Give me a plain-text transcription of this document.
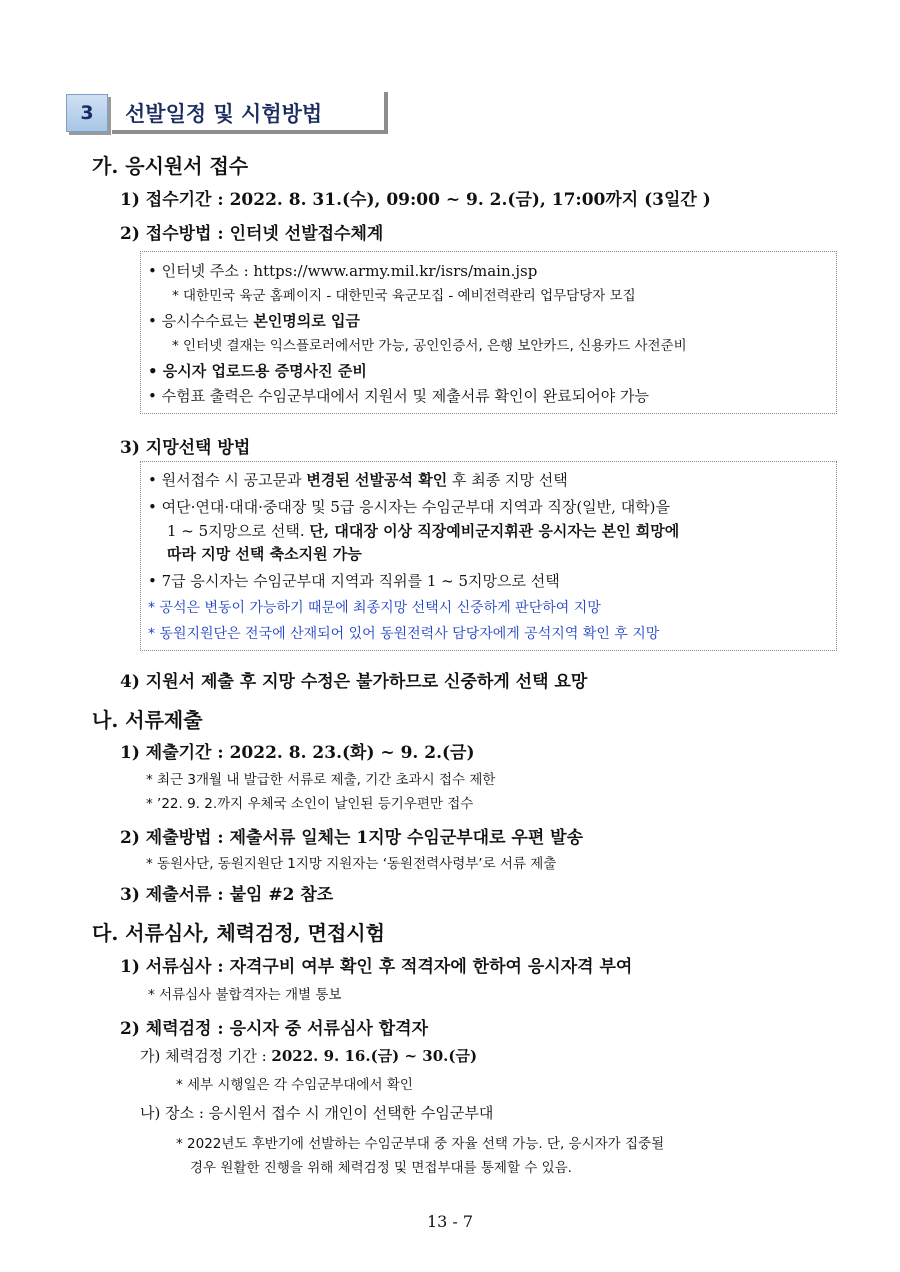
3	선발일정 및 시험방법
가. 응시원서 접수
1) 접수기간 : 2022. 8. 31.(수), 09:00 ~ 9. 2.(금), 17:00까지 (3일간 )
2) 접수방법 : 인터넷 선발접수체계
• 인터넷 주소 : https://www.army.mil.kr/isrs/main.jsp
* 대한민국 육군 홈페이지 - 대한민국 육군모집 - 예비전력관리 업무담당자 모집
• 응시수수료는 본인명의로 입금
* 인터넷 결재는 익스플로러에서만 가능, 공인인증서, 은행 보안카드, 신용카드 사전준비
• 응시자 업로드용 증명사진 준비
• 수험표 출력은 수임군부대에서 지원서 및 제출서류 확인이 완료되어야 가능
3) 지망선택 방법
• 원서접수 시 공고문과 변경된 선발공석 확인 후 최종 지망 선택
• 여단·연대·대대·중대장 및 5급 응시자는 수임군부대 지역과 직장(일반, 대학)을
1 ~ 5지망으로 선택. 단, 대대장 이상 직장예비군지휘관 응시자는 본인 희망에
따라 지망 선택 축소지원 가능
• 7급 응시자는 수임군부대 지역과 직위를 1 ~ 5지망으로 선택
* 공석은 변동이 가능하기 때문에 최종지망 선택시 신중하게 판단하여 지망
* 동원지원단은 전국에 산재되어 있어 동원전력사 담당자에게 공석지역 확인 후 지망
4) 지원서 제출 후 지망 수정은 불가하므로 신중하게 선택 요망
나. 서류제출
1) 제출기간 : 2022. 8. 23.(화) ~ 9. 2.(금)
* 최근 3개월 내 발급한 서류로 제출, 기간 초과시 접수 제한
* ’22. 9. 2.까지 우체국 소인이 날인된 등기우편만 접수
2) 제출방법 : 제출서류 일체는 1지망 수임군부대로 우편 발송
* 동원사단, 동원지원단 1지망 지원자는 ‘동원전력사령부’로 서류 제출
3) 제출서류 : 붙임 #2 참조
다. 서류심사, 체력검정, 면접시험
1) 서류심사 : 자격구비 여부 확인 후 적격자에 한하여 응시자격 부여
* 서류심사 불합격자는 개별 통보
2) 체력검정 : 응시자 중 서류심사 합격자
가) 체력검정 기간 : 2022. 9. 16.(금) ~ 30.(금)
* 세부 시행일은 각 수임군부대에서 확인
나) 장소 : 응시원서 접수 시 개인이 선택한 수임군부대
* 2022년도 후반기에 선발하는 수임군부대 중 자율 선택 가능. 단, 응시자가 집중될
경우 원활한 진행을 위해 체력검정 및 면접부대를 통제할 수 있음.
13 - 7
